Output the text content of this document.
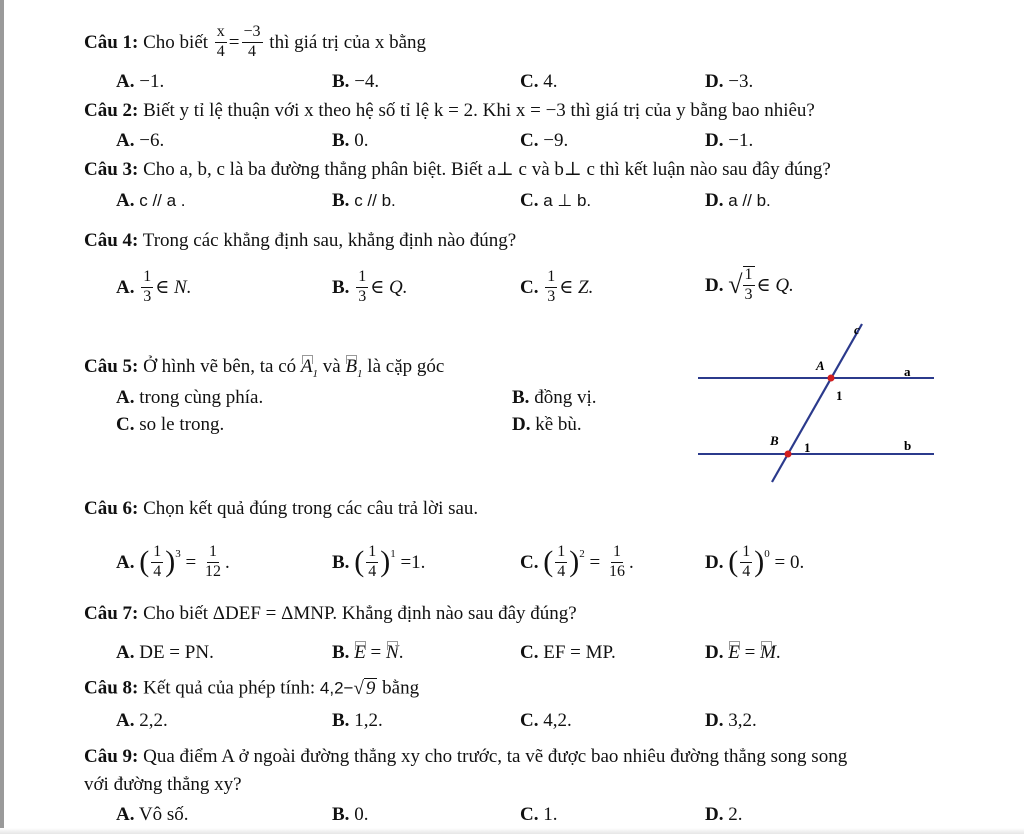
Câu 1:
Cho biết
$\frac{x}{4} = \frac{-3}{4}$
thì giá trị của x bằng
A. −1.	B. −4.	C. 4.	D. −3.
Câu 2: Biết y tỉ lệ thuận với x theo hệ số tỉ lệ k = 2. Khi x = −3 thì giá trị của y bằng bao nhiêu?
A. −6.	B. 0.	C. −9.	D. −1.
Câu 3: Cho a, b, c là ba đường thẳng phân biệt. Biết a⊥ c và b⊥ c thì kết luận nào sau đây đúng?
A. c // a .	B. c // b.	C. a ⊥ b.	D. a // b.
Câu 4: Trong các khẳng định sau, khẳng định nào đúng?
A.
$\frac{1}{3}$ ∈ N.	B.
$\frac{1}{3}$ ∈ Q.	C.
$\frac{1}{3}$ ∈ Z.	D.
√ $\frac{1}{3}$ ∈ Q.
Câu 5: Ở hình vẽ bên, ta có $A_1$ và $B_1$ là cặp góc
A. trong cùng phía.	B. đồng vị.
C. so le trong.	D. kề bù.
c
A	a
1
B 1	b
Câu 6: Chọn kết quả đúng trong các câu trả lời sau.
A.
( $\frac{1}{4}$ ) $3 = \frac{1}{12}$ .	B.
( $\frac{1}{4}$ ) 1
=1.	C.
( $\frac{1}{4}$ ) $2 = \frac{1}{16}$ .	D.
( $\frac{1}{4}$ ) 0
= 0.
Câu 7: Cho biết ΔDEF = ΔMNP. Khẳng định nào sau đây đúng?
A. DE = PN.	B. E = N.	C. EF = MP.	D. E = M.
Câu 8: Kết quả của phép tính: 4,2− √ 9 bằng
A. 2,2.	B. 1,2.	C. 4,2.	D. 3,2.
Câu 9: Qua điểm A ở ngoài đường thẳng xy cho trước, ta vẽ được bao nhiêu đường thẳng song song
với đường thẳng xy?
A. Vô số.	B. 0.	C. 1.	D. 2.
